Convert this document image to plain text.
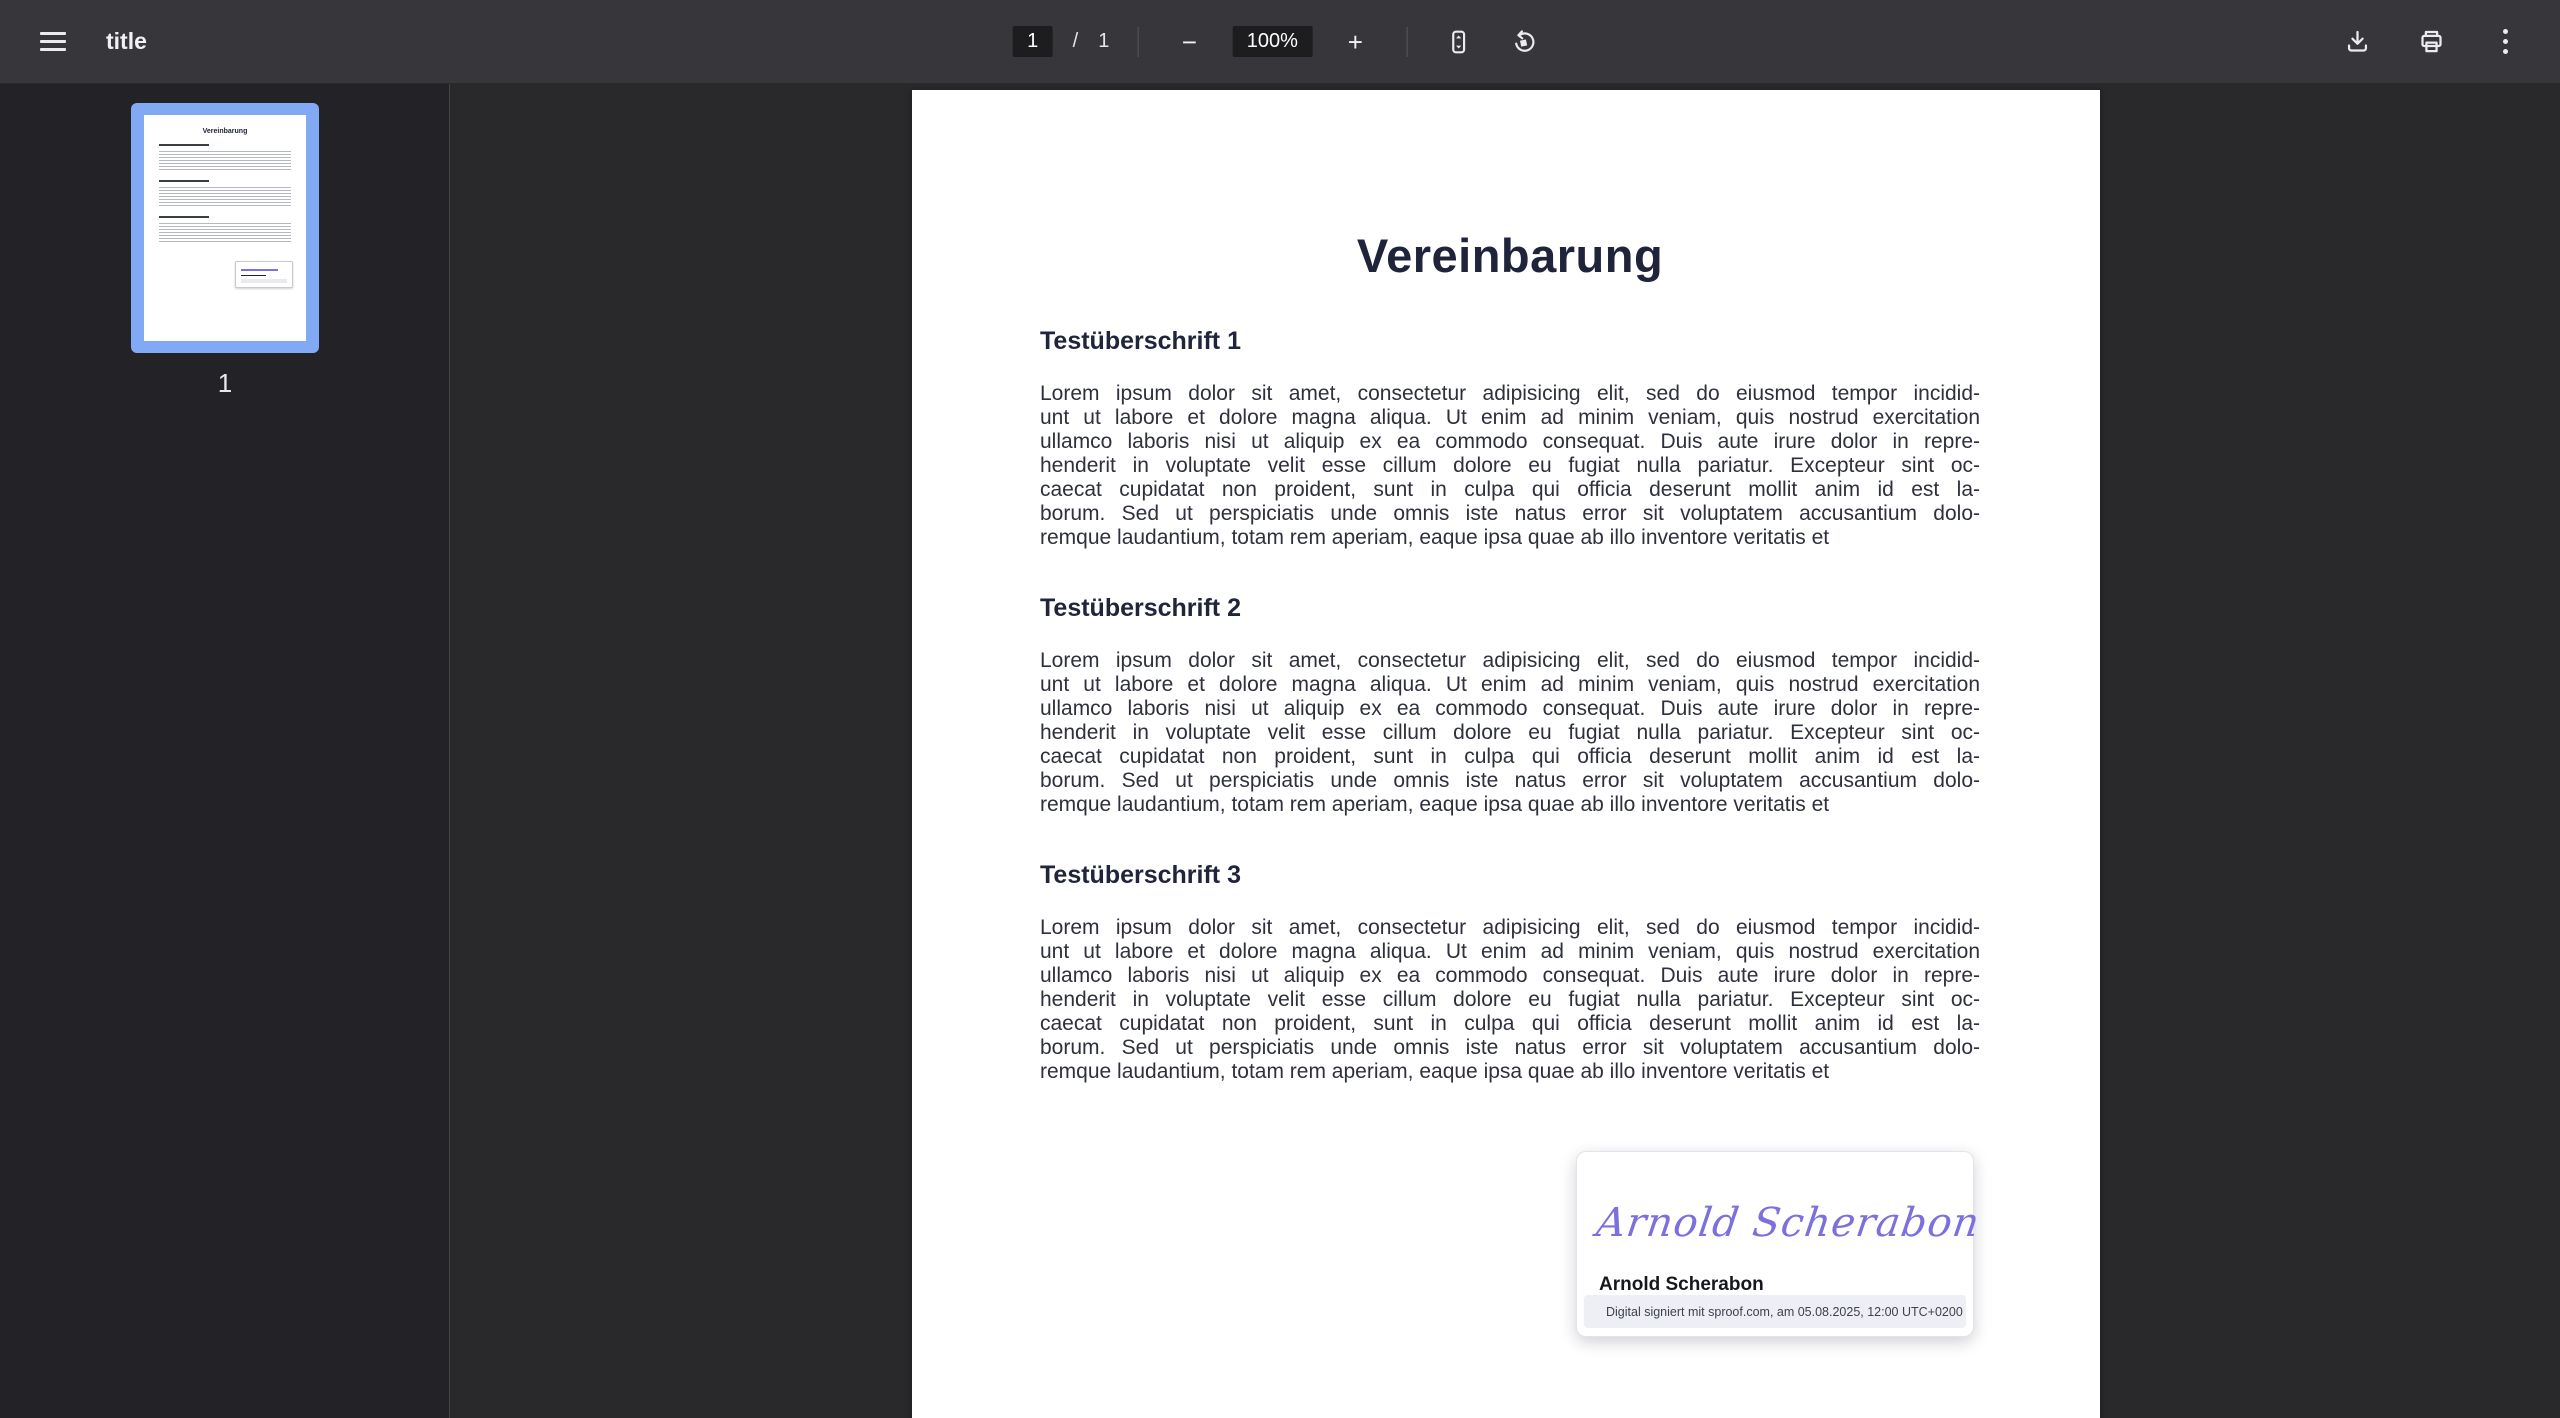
title
1	/ 1	−	100%	+
Vereinbarung
1
Vereinbarung
Testüberschrift 1
Lorem ipsum dolor sit amet, consectetur adipisicing elit, sed do eiusmod tempor incidid-
unt ut labore et dolore magna aliqua. Ut enim ad minim veniam, quis nostrud exercitation
ullamco laboris nisi ut aliquip ex ea commodo consequat. Duis aute irure dolor in repre-
henderit in voluptate velit esse cillum dolore eu fugiat nulla pariatur. Excepteur sint oc-
caecat cupidatat non proident, sunt in culpa qui officia deserunt mollit anim id est la-
borum. Sed ut perspiciatis unde omnis iste natus error sit voluptatem accusantium dolo-
remque laudantium, totam rem aperiam, eaque ipsa quae ab illo inventore veritatis et
Testüberschrift 2
Lorem ipsum dolor sit amet, consectetur adipisicing elit, sed do eiusmod tempor incidid-
unt ut labore et dolore magna aliqua. Ut enim ad minim veniam, quis nostrud exercitation
ullamco laboris nisi ut aliquip ex ea commodo consequat. Duis aute irure dolor in repre-
henderit in voluptate velit esse cillum dolore eu fugiat nulla pariatur. Excepteur sint oc-
caecat cupidatat non proident, sunt in culpa qui officia deserunt mollit anim id est la-
borum. Sed ut perspiciatis unde omnis iste natus error sit voluptatem accusantium dolo-
remque laudantium, totam rem aperiam, eaque ipsa quae ab illo inventore veritatis et
Testüberschrift 3
Lorem ipsum dolor sit amet, consectetur adipisicing elit, sed do eiusmod tempor incidid-
unt ut labore et dolore magna aliqua. Ut enim ad minim veniam, quis nostrud exercitation
ullamco laboris nisi ut aliquip ex ea commodo consequat. Duis aute irure dolor in repre-
henderit in voluptate velit esse cillum dolore eu fugiat nulla pariatur. Excepteur sint oc-
caecat cupidatat non proident, sunt in culpa qui officia deserunt mollit anim id est la-
borum. Sed ut perspiciatis unde omnis iste natus error sit voluptatem accusantium dolo-
remque laudantium, totam rem aperiam, eaque ipsa quae ab illo inventore veritatis et
Arnold Scherabon
Arnold Scherabon
Digital signiert mit sproof.com, am 05.08.2025, 12:00 UTC+0200
